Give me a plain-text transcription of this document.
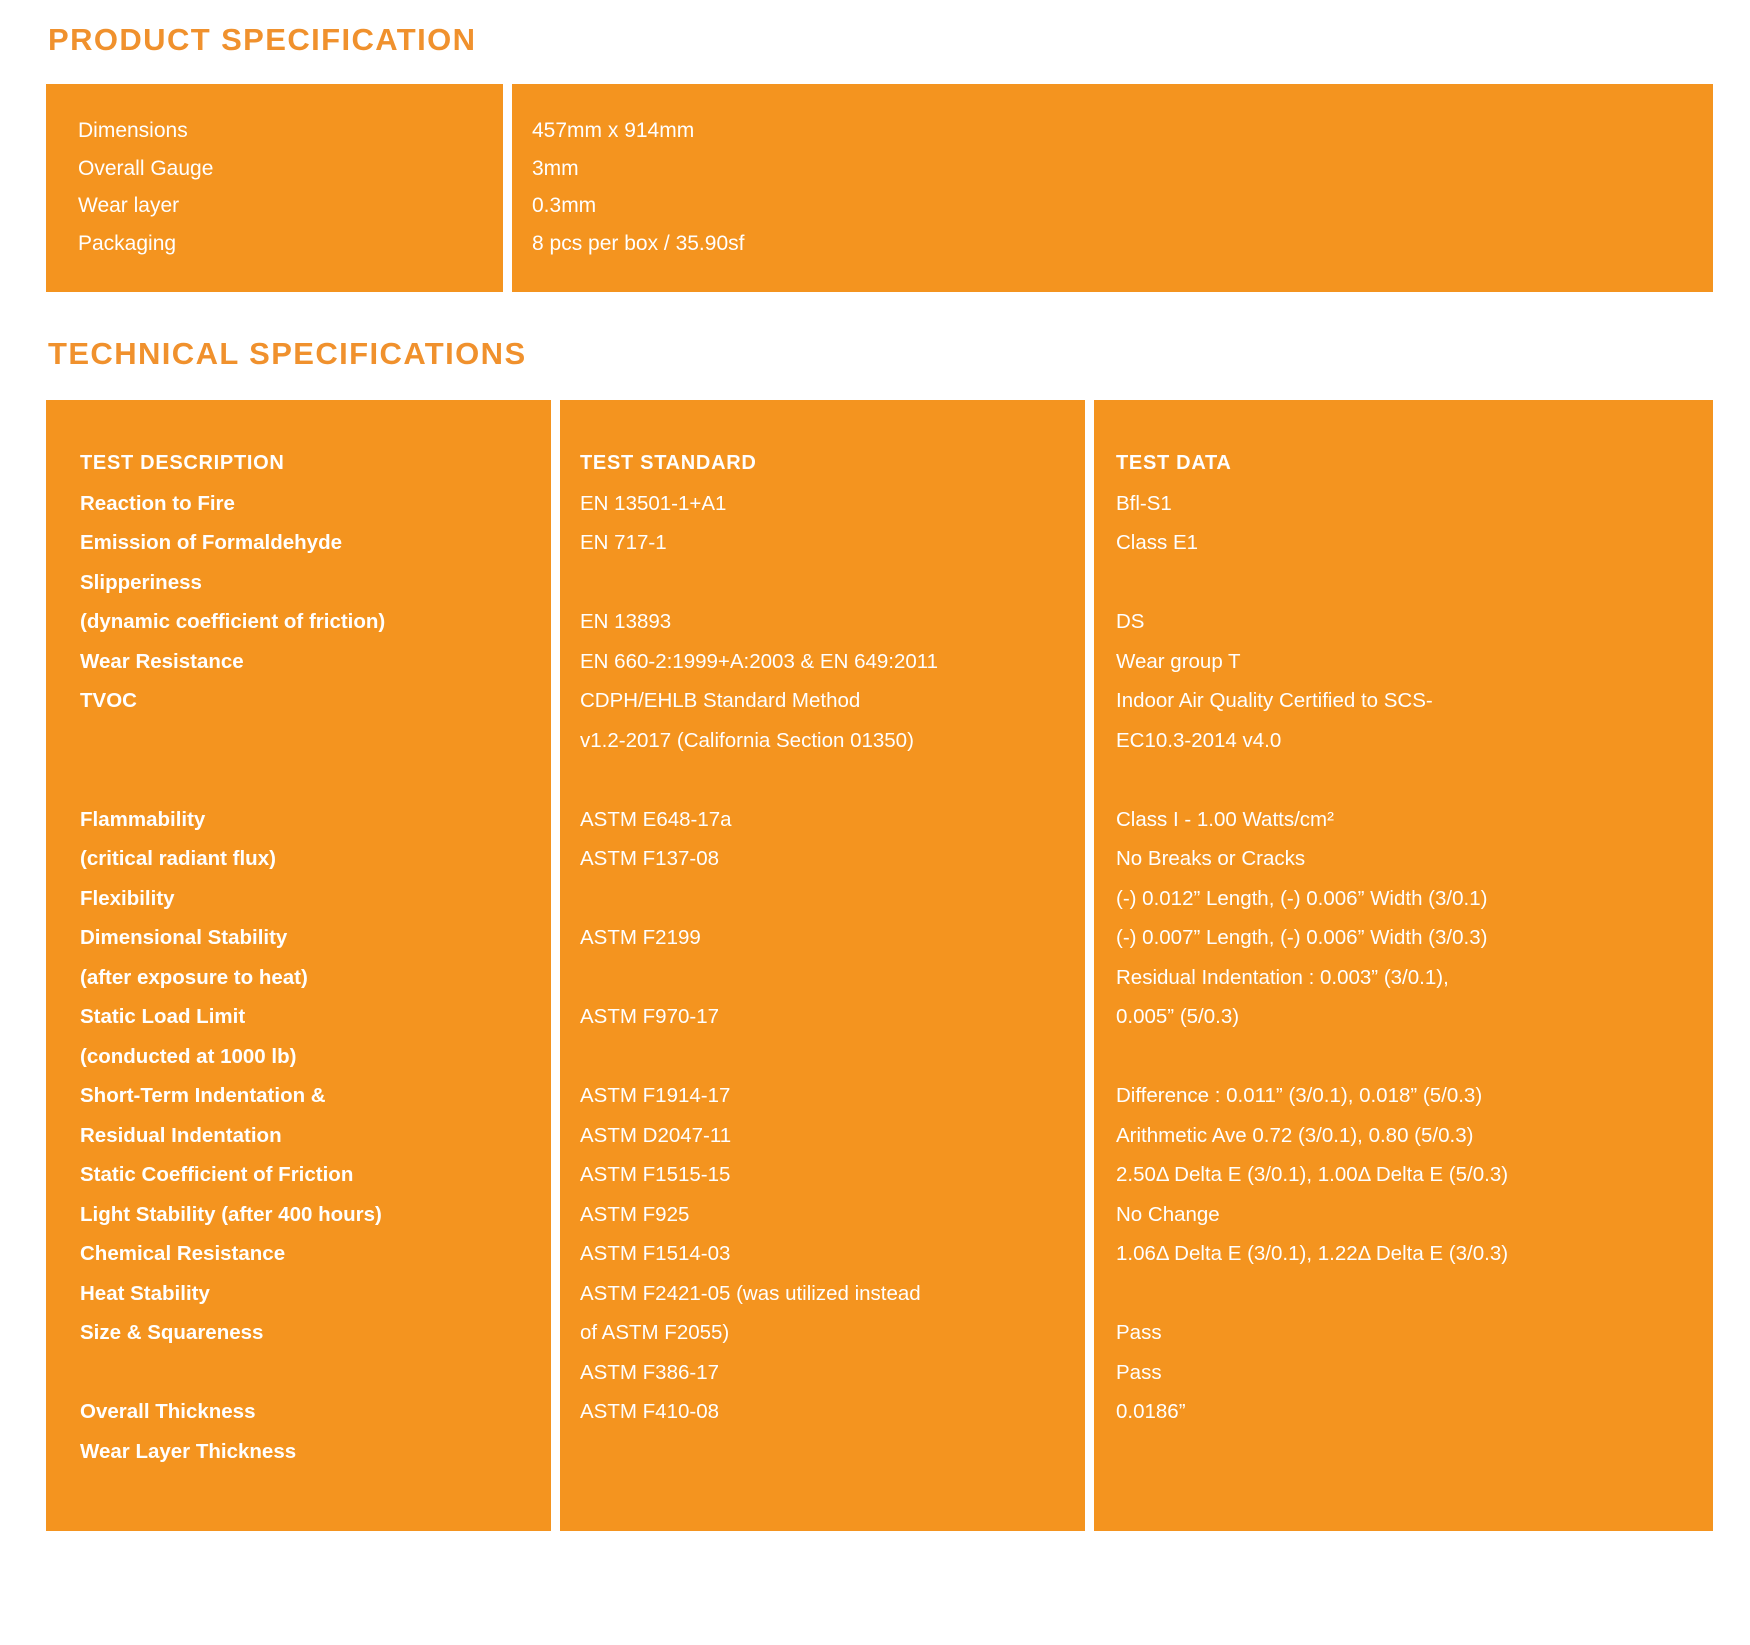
PRODUCT SPECIFICATION
Dimensions
Overall Gauge
Wear layer
Packaging
457mm x 914mm
3mm
0.3mm
8 pcs per box / 35.90sf
TECHNICAL SPECIFICATIONS
TEST DESCRIPTION
Reaction to Fire
Emission of Formaldehyde
Slipperiness
(dynamic coefficient of friction)
Wear Resistance
TVOC

Flammability
(critical radiant flux)
Flexibility
Dimensional Stability
(after exposure to heat)
Static Load Limit
(conducted at 1000 lb)
Short-Term Indentation &
Residual Indentation
Static Coefficient of Friction
Light Stability (after 400 hours)
Chemical Resistance
Heat Stability
Size & Squareness

Overall Thickness
Wear Layer Thickness
TEST STANDARD
EN 13501-1+A1
EN 717-1

EN 13893
EN 660-2:1999+A:2003 & EN 649:2011
CDPH/EHLB Standard Method
v1.2-2017 (California Section 01350)

ASTM E648-17a
ASTM F137-08

ASTM F2199

ASTM F970-17

ASTM F1914-17
ASTM D2047-11
ASTM F1515-15
ASTM F925
ASTM F1514-03
ASTM F2421-05 (was utilized instead
of ASTM F2055)
ASTM F386-17
ASTM F410-08
TEST DATA
Bfl-S1
Class E1

DS
Wear group T
Indoor Air Quality Certified to SCS-
EC10.3-2014 v4.0

Class I - 1.00 Watts/cm²
No Breaks or Cracks
(-) 0.012” Length, (-) 0.006” Width (3/0.1)
(-) 0.007” Length, (-) 0.006” Width (3/0.3)
Residual Indentation : 0.003” (3/0.1),
0.005” (5/0.3)

Difference : 0.011” (3/0.1), 0.018” (5/0.3)
Arithmetic Ave 0.72 (3/0.1), 0.80 (5/0.3)
2.50Δ Delta E (3/0.1), 1.00Δ Delta E (5/0.3)
No Change
1.06Δ Delta E (3/0.1), 1.22Δ Delta E (3/0.3)

Pass
Pass
0.0186”
